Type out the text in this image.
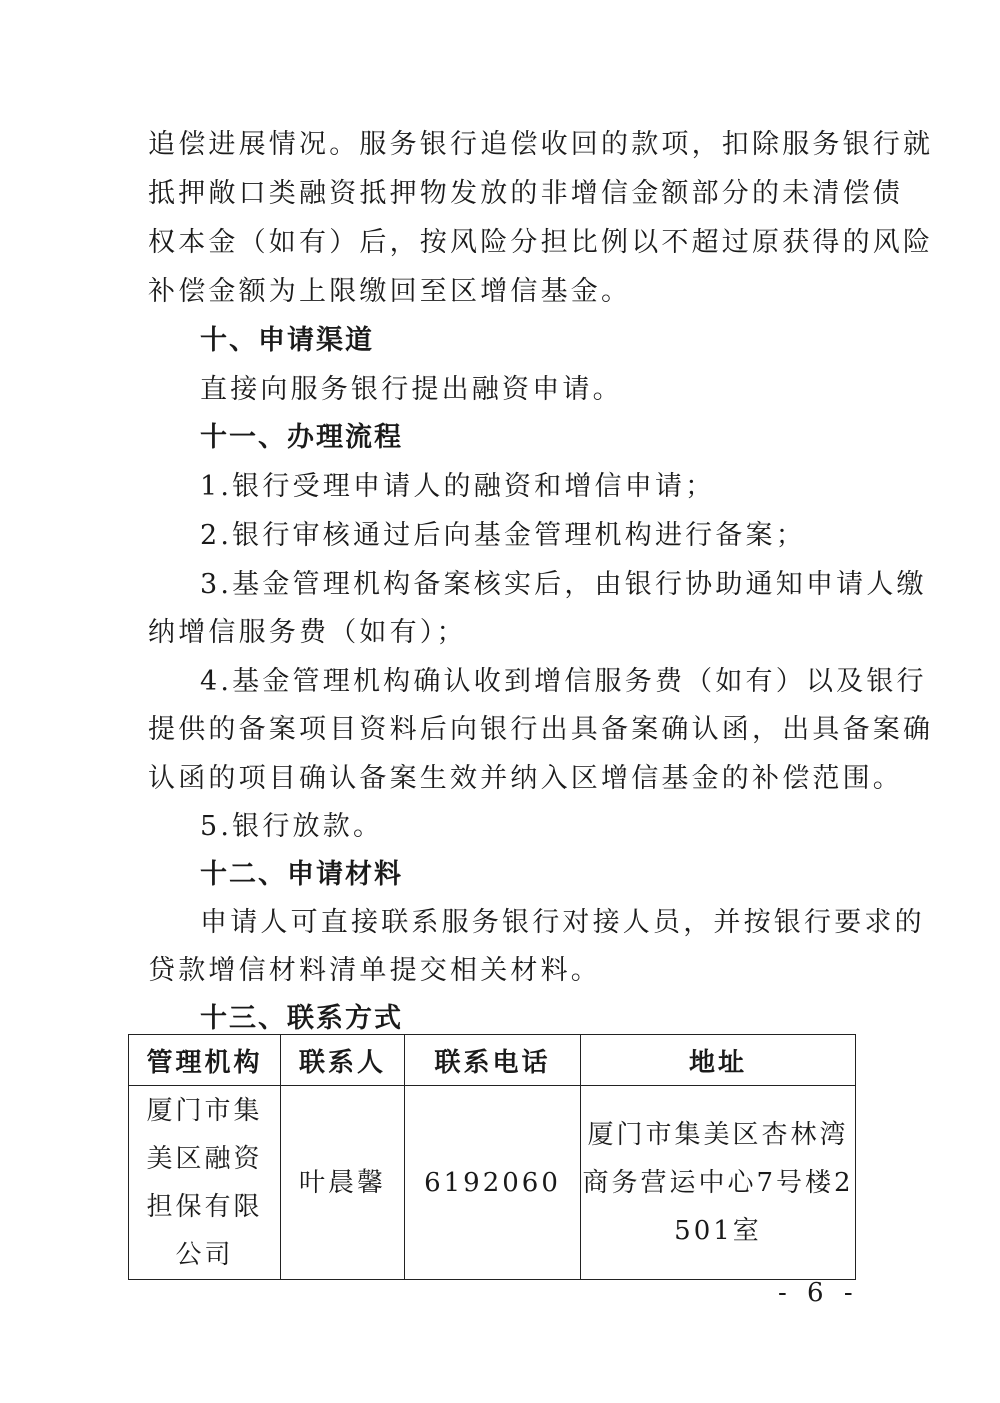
追偿进展情况。服务银行追偿收回的款项，扣除服务银行就
抵押敞口类融资抵押物发放的非增信金额部分的未清偿债
权本金（如有）后，按风险分担比例以不超过原获得的风险
补偿金额为上限缴回至区增信基金。
十、申请渠道
直接向服务银行提出融资申请。
十一、办理流程
1.银行受理申请人的融资和增信申请；
2.银行审核通过后向基金管理机构进行备案；
3.基金管理机构备案核实后，由银行协助通知申请人缴
纳增信服务费（如有）；
4.基金管理机构确认收到增信服务费（如有）以及银行
提供的备案项目资料后向银行出具备案确认函，出具备案确
认函的项目确认备案生效并纳入区增信基金的补偿范围。
5.银行放款。
十二、申请材料
申请人可直接联系服务银行对接人员，并按银行要求的
贷款增信材料清单提交相关材料。
十三、联系方式
管理机构	联系人	联系电话	地址

厦门市集
美区融资
担保有限
公司	叶晨馨	6192060	厦门市集美区杏林湾
商务营运中心7号楼2
501室
- 6 -
